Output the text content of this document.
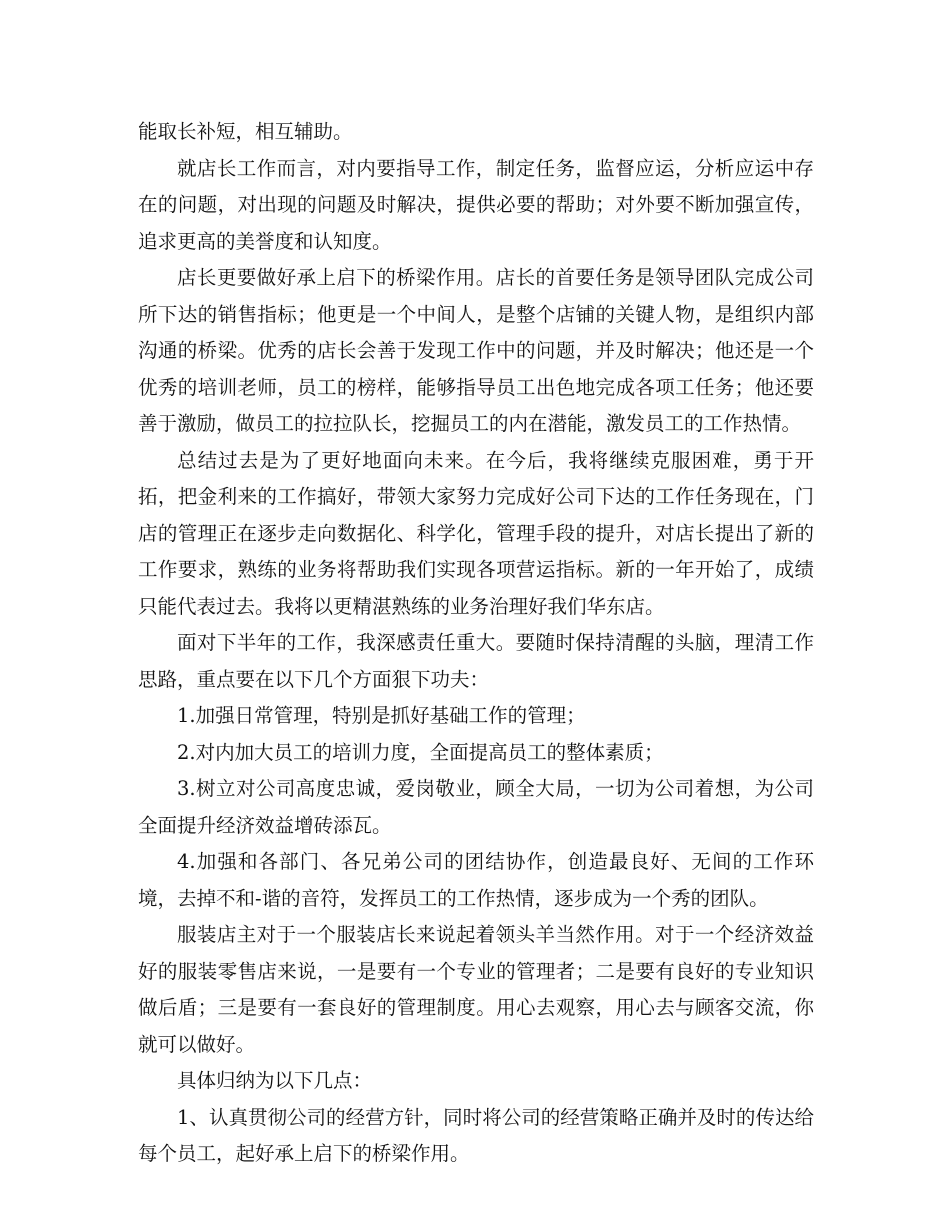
能取长补短，相互辅助。

就店长工作而言，对内要指导工作，制定任务，监督应运，分析应运中存在的问题，对出现的问题及时解决，提供必要的帮助；对外要不断加强宣传，追求更高的美誉度和认知度。

店长更要做好承上启下的桥梁作用。店长的首要任务是领导团队完成公司所下达的销售指标；他更是一个中间人，是整个店铺的关键人物，是组织内部沟通的桥梁。优秀的店长会善于发现工作中的问题，并及时解决；他还是一个优秀的培训老师，员工的榜样，能够指导员工出色地完成各项工任务；他还要善于激励，做员工的拉拉队长，挖掘员工的内在潜能，激发员工的工作热情。

总结过去是为了更好地面向未来。在今后，我将继续克服困难，勇于开拓，把金利来的工作搞好，带领大家努力完成好公司下达的工作任务现在，门店的管理正在逐步走向数据化、科学化，管理手段的提升，对店长提出了新的工作要求，熟练的业务将帮助我们实现各项营运指标。新的一年开始了，成绩只能代表过去。我将以更精湛熟练的业务治理好我们华东店。

面对下半年的工作，我深感责任重大。要随时保持清醒的头脑，理清工作思路，重点要在以下几个方面狠下功夫：

1.加强日常管理，特别是抓好基础工作的管理；

2.对内加大员工的培训力度，全面提高员工的整体素质；

3.树立对公司高度忠诚，爱岗敬业，顾全大局，一切为公司着想，为公司全面提升经济效益增砖添瓦。

4.加强和各部门、各兄弟公司的团结协作，创造最良好、无间的工作环境，去掉不和-谐的音符，发挥员工的工作热情，逐步成为一个秀的团队。

服装店主对于一个服装店长来说起着领头羊当然作用。对于一个经济效益好的服装零售店来说，一是要有一个专业的管理者；二是要有良好的专业知识做后盾；三是要有一套良好的管理制度。用心去观察，用心去与顾客交流，你就可以做好。

具体归纳为以下几点：

1、认真贯彻公司的经营方针，同时将公司的经营策略正确并及时的传达给每个员工，起好承上启下的桥梁作用。
